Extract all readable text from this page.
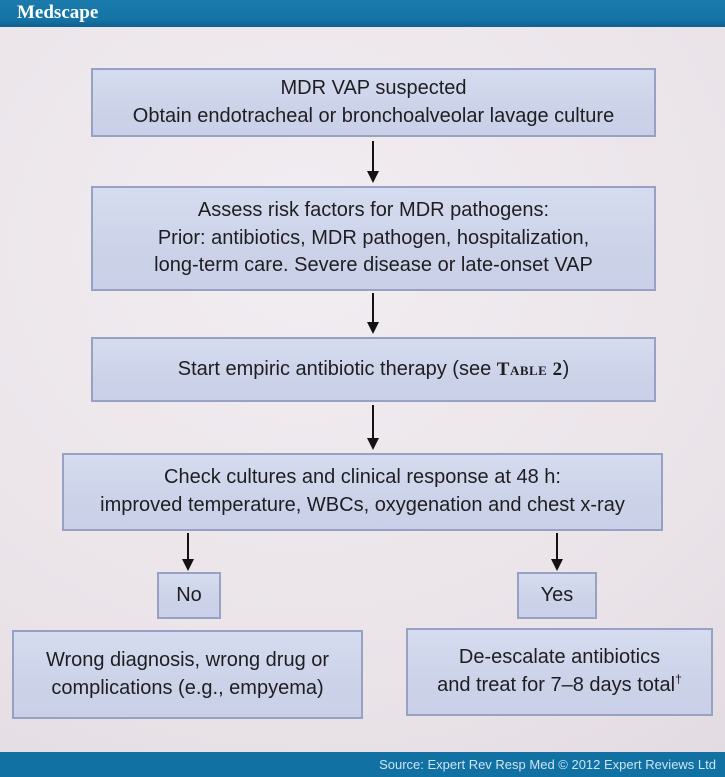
Medscape
MDR VAP suspected
Obtain endotracheal or bronchoalveolar lavage culture
Assess risk factors for MDR pathogens:
Prior: antibiotics, MDR pathogen, hospitalization,
long-term care. Severe disease or late-onset VAP
Start empiric antibiotic therapy (see Table 2)
Check cultures and clinical response at 48 h:
improved temperature, WBCs, oxygenation and chest x-ray
No	Yes
Wrong diagnosis, wrong drug or
complications (e.g., empyema)
De-escalate antibiotics
and treat for 7–8 days total†
Source: Expert Rev Resp Med © 2012 Expert Reviews Ltd
